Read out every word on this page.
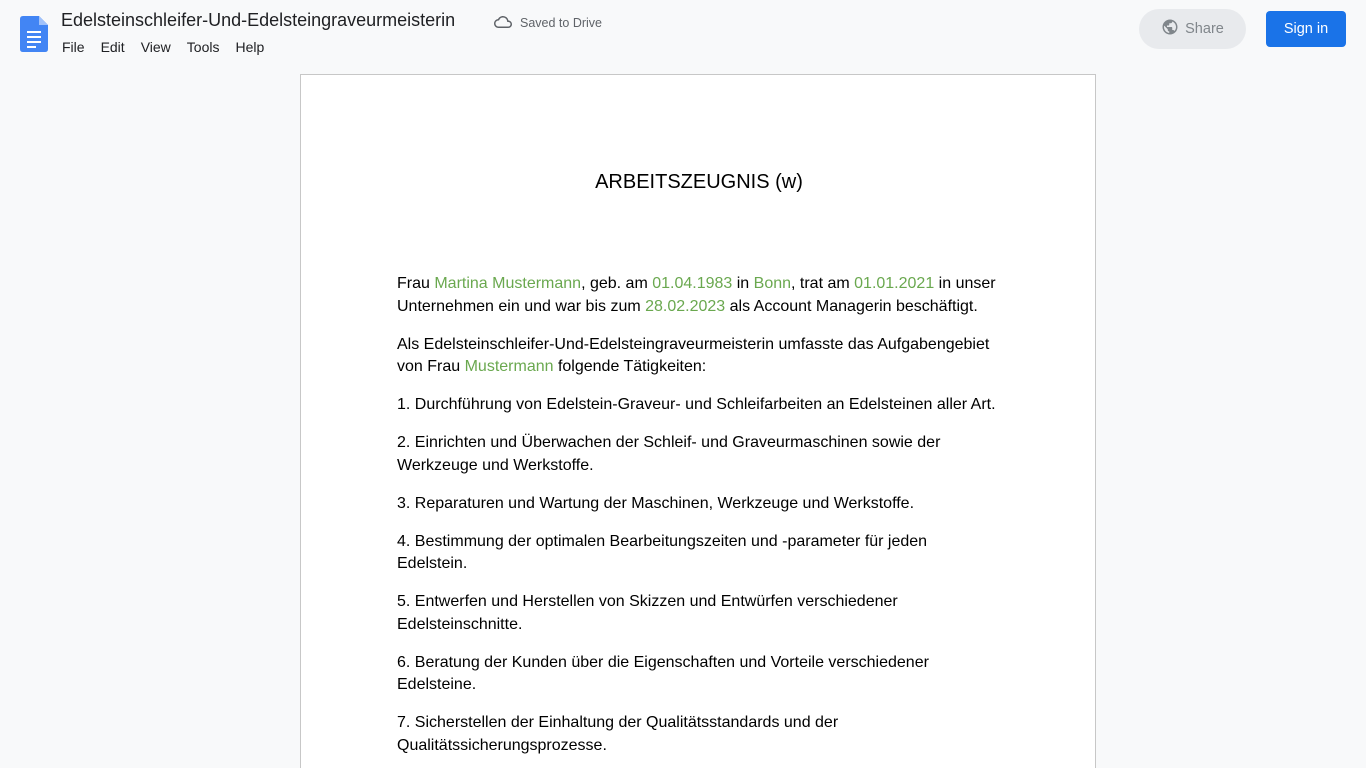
Edelsteinschleifer-Und-Edelsteingraveurmeisterin	Saved to Drive
File	Edit	View	Tools	Help
Share	Sign in
ARBEITSZEUGNIS (w)

Frau Martina Mustermann, geb. am 01.04.1983 in Bonn, trat am 01.01.2021 in unser Unternehmen ein und war bis zum 28.02.2023 als Account Managerin beschäftigt.

Als Edelsteinschleifer-Und-Edelsteingraveurmeisterin umfasste das Aufgabengebiet von Frau Mustermann folgende Tätigkeiten:

1. Durchführung von Edelstein-Graveur- und Schleifarbeiten an Edelsteinen aller Art.

2. Einrichten und Überwachen der Schleif- und Graveurmaschinen sowie der Werkzeuge und Werkstoffe.

3. Reparaturen und Wartung der Maschinen, Werkzeuge und Werkstoffe.

4. Bestimmung der optimalen Bearbeitungszeiten und -parameter für jeden Edelstein.

5. Entwerfen und Herstellen von Skizzen und Entwürfen verschiedener Edelsteinschnitte.

6. Beratung der Kunden über die Eigenschaften und Vorteile verschiedener Edelsteine.

7. Sicherstellen der Einhaltung der Qualitätsstandards und der Qualitätssicherungsprozesse.
